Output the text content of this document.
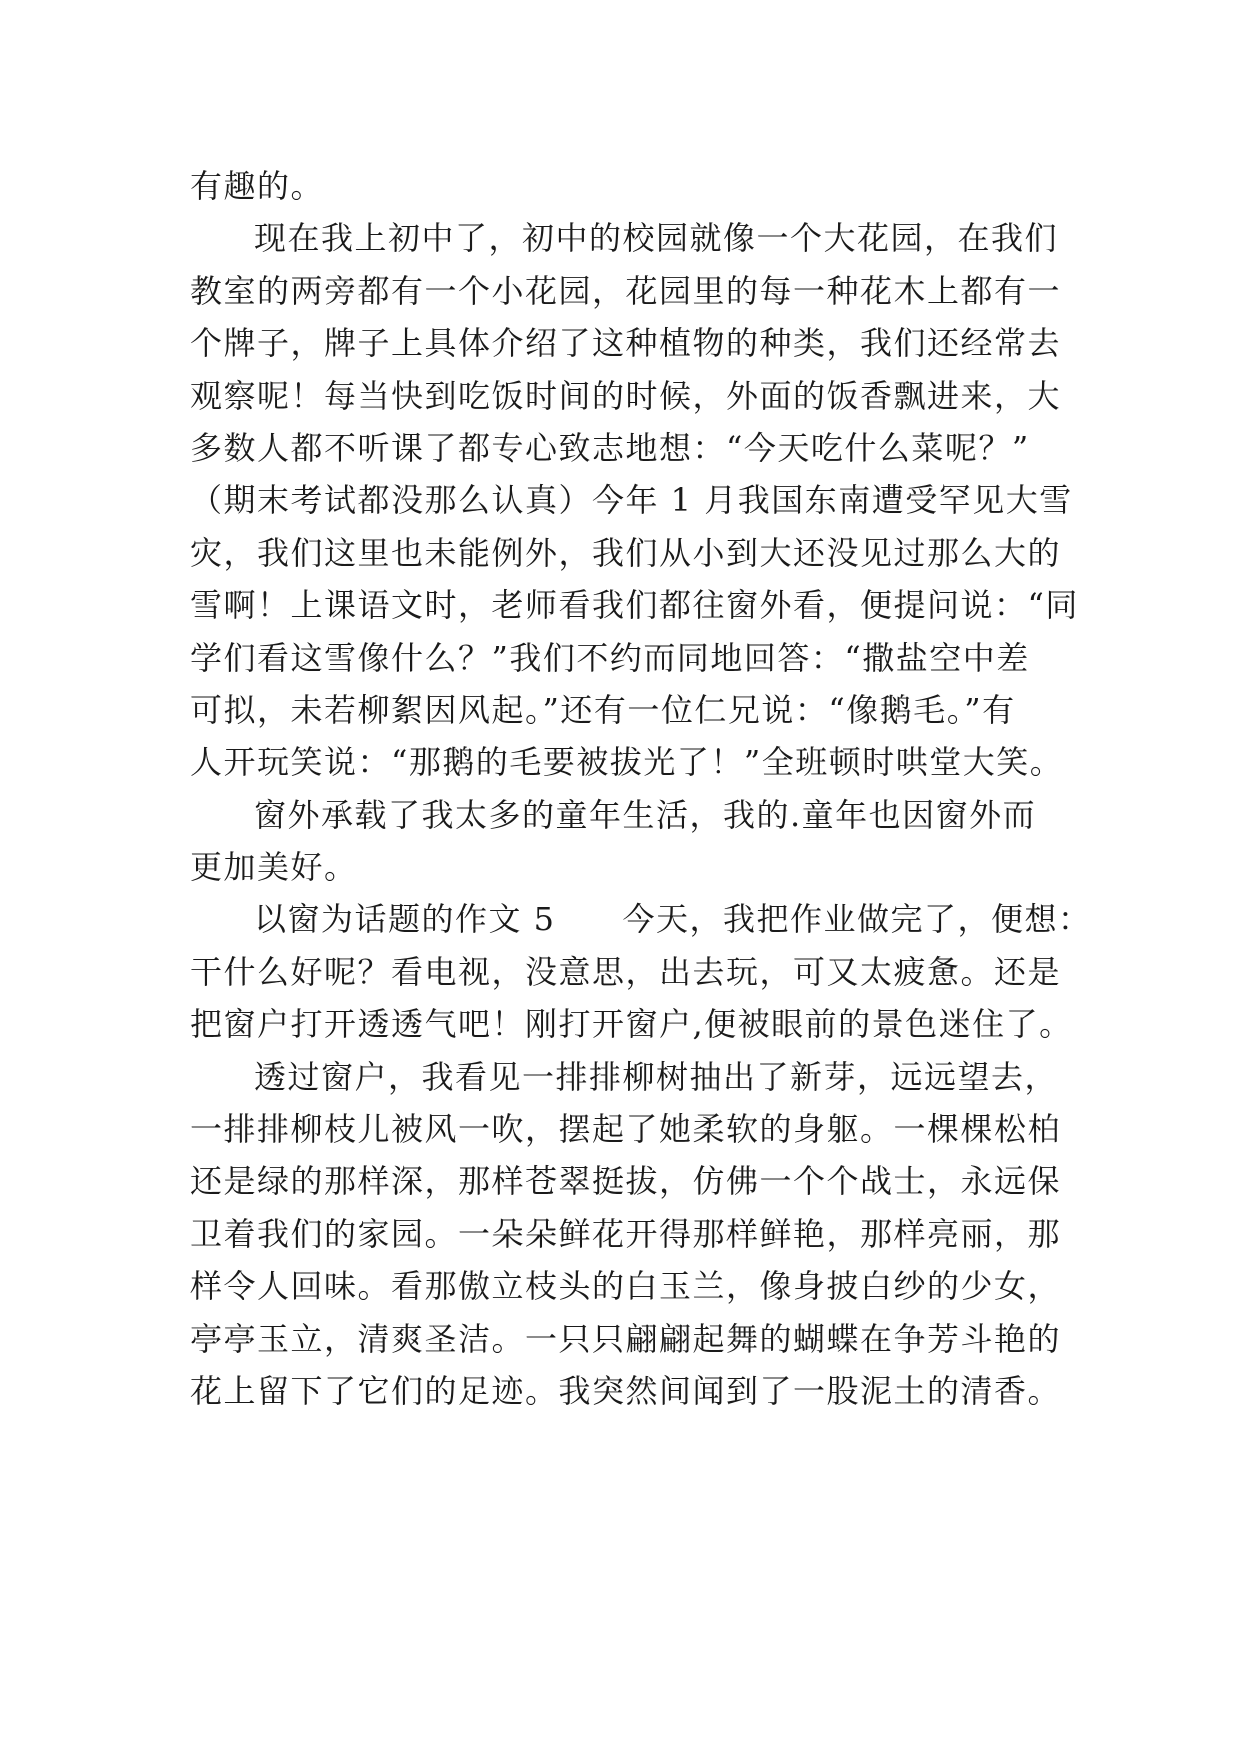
有趣的。
现在我上初中了，初中的校园就像一个大花园，在我们
教室的两旁都有一个小花园，花园里的每一种花木上都有一
个牌子，牌子上具体介绍了这种植物的种类，我们还经常去
观察呢！每当快到吃饭时间的时候，外面的饭香飘进来，大
多数人都不听课了都专心致志地想：“今天吃什么菜呢？”
（期末考试都没那么认真）今年 1 月我国东南遭受罕见大雪
灾，我们这里也未能例外，我们从小到大还没见过那么大的
雪啊！上课语文时，老师看我们都往窗外看，便提问说：“同
学们看这雪像什么？”我们不约而同地回答：“撒盐空中差
可拟，未若柳絮因风起。”还有一位仁兄说：“像鹅毛。”有
人开玩笑说：“那鹅的毛要被拔光了！”全班顿时哄堂大笑。
窗外承载了我太多的童年生活，我的.童年也因窗外而
更加美好。
以窗为话题的作文 5　　今天，我把作业做完了，便想：
干什么好呢？看电视，没意思，出去玩，可又太疲惫。还是
把窗户打开透透气吧！刚打开窗户,便被眼前的景色迷住了。
透过窗户，我看见一排排柳树抽出了新芽，远远望去，
一排排柳枝儿被风一吹，摆起了她柔软的身躯。一棵棵松柏
还是绿的那样深，那样苍翠挺拔，仿佛一个个战士，永远保
卫着我们的家园。一朵朵鲜花开得那样鲜艳，那样亮丽，那
样令人回味。看那傲立枝头的白玉兰，像身披白纱的少女，
亭亭玉立，清爽圣洁。一只只翩翩起舞的蝴蝶在争芳斗艳的
花上留下了它们的足迹。我突然间闻到了一股泥土的清香。
